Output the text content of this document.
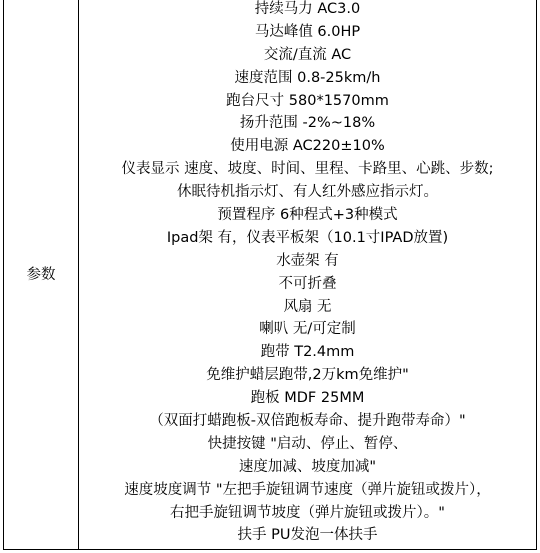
参数	
持续马力 AC3.0
马达峰值 6.0HP
交流/直流 AC
速度范围 0.8-25km/h
跑台尺寸 580*1570mm
扬升范围 -2%~18%
使用电源 AC220±10%
仪表显示 速度、坡度、时间、里程、卡路里、心跳、步数;
休眠待机指示灯、有人红外感应指示灯。
预置程序 6种程式+3种模式
Ipad架 有，仪表平板架（10.1寸IPAD放置)
水壶架 有
不可折叠
风扇 无
喇叭 无/可定制
跑带 T2.4mm
免维护蜡层跑带,2万km免维护"
跑板 MDF 25MM
（双面打蜡跑板-双倍跑板寿命、提升跑带寿命）"
快捷按键 "启动、停止、暂停、
速度加减、坡度加减"
速度坡度调节 "左把手旋钮调节速度（弹片旋钮或拨片），
右把手旋钮调节坡度（弹片旋钮或拨片）。"
扶手 PU发泡一体扶手
